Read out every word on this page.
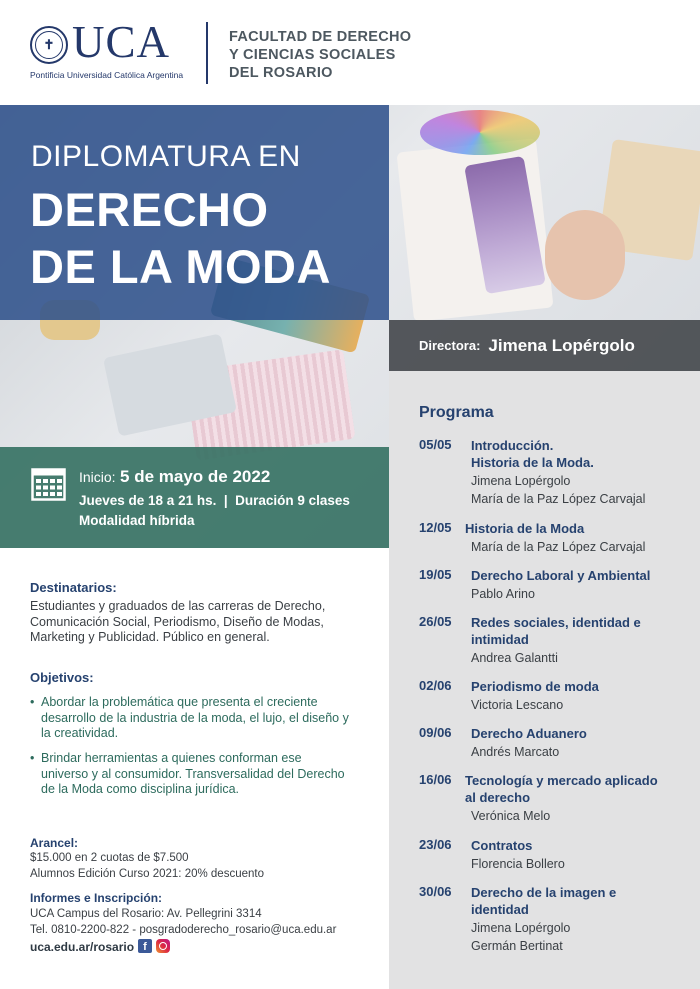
✝ UCA
Pontificia Universidad Católica Argentina
FACULTAD DE DERECHO
Y CIENCIAS SOCIALES
DEL ROSARIO
DIPLOMATURA EN
DERECHO
DE LA MODA
Directora: Jimena Lopérgolo
Inicio: 5 de mayo de 2022
Jueves de 18 a 21 hs.  |  Duración 9 clases
Modalidad híbrida
Programa
05/05 Introducción.
Historia de la Moda.
Jimena Lopérgolo
María de la Paz López Carvajal
12/05 Historia de la Moda
María de la Paz López Carvajal
19/05 Derecho Laboral y Ambiental
Pablo Arino
26/05 Redes sociales, identidad e
intimidad
Andrea Galantti
02/06 Periodismo de moda
Victoria Lescano
09/06 Derecho Aduanero
Andrés Marcato
16/06 Tecnología y mercado aplicado
al derecho
Verónica Melo
23/06 Contratos
Florencia Bollero
30/06 Derecho de la imagen e
identidad
Jimena Lopérgolo
Germán Bertinat
Destinatarios:
Estudiantes y graduados de las carreras de Derecho,
Comunicación Social, Periodismo, Diseño de Modas,
Marketing y Publicidad. Público en general.
Objetivos:
• Abordar la problemática que presenta el creciente
desarrollo de la industria de la moda, el lujo, el diseño y
la creatividad.
• Brindar herramientas a quienes conforman ese
universo y al consumidor. Transversalidad del Derecho
de la Moda como disciplina jurídica.
Arancel:
$15.000 en 2 cuotas de $7.500
Alumnos Edición Curso 2021: 20% descuento
Informes e Inscripción:
UCA Campus del Rosario: Av. Pellegrini 3314
Tel. 0810-2200-822 - posgradoderecho_rosario@uca.edu.ar
uca.edu.ar/rosario f
